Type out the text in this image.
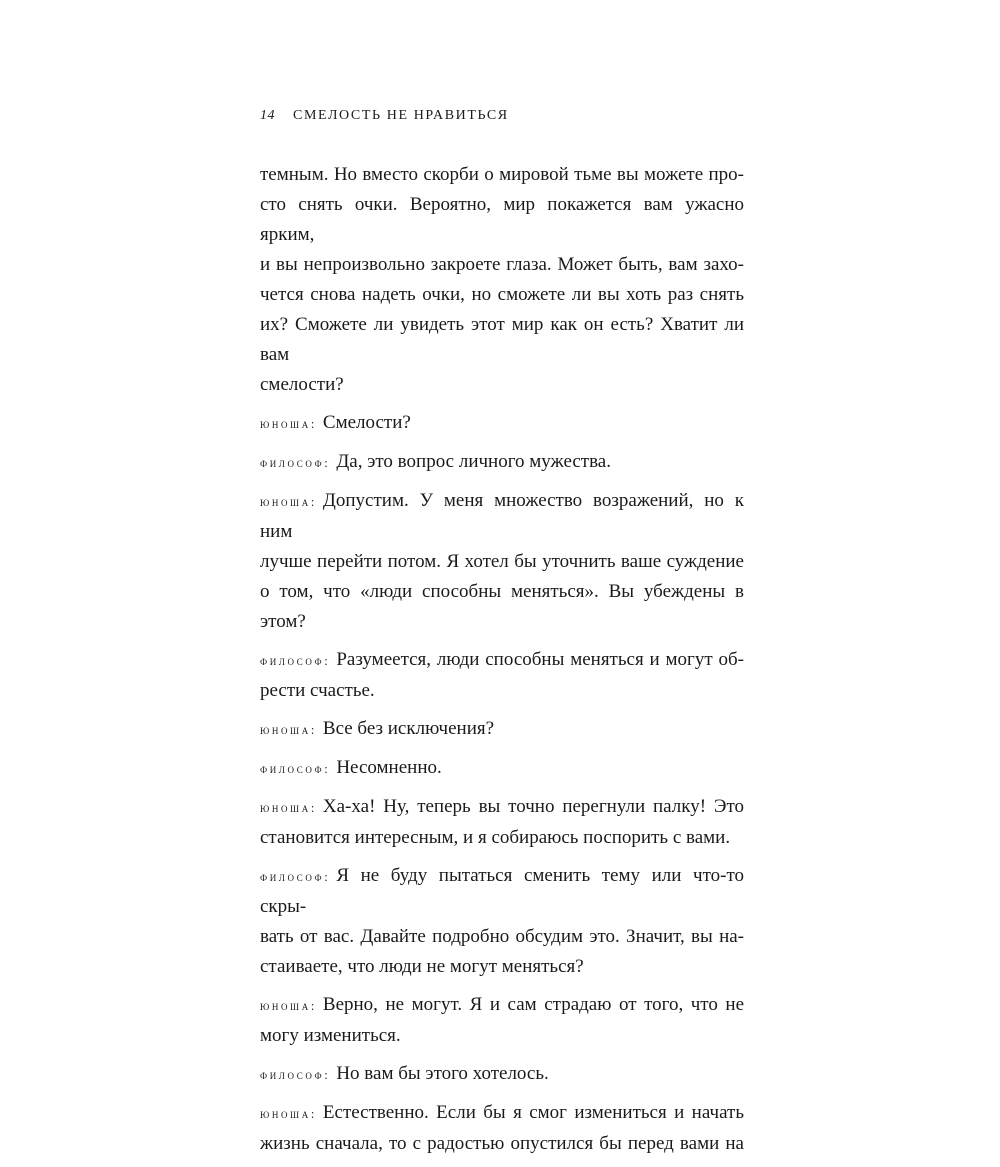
14 СМЕЛОСТЬ НЕ НРАВИТЬСЯ
темным. Но вместо скорби о мировой тьме вы можете про-
сто снять очки. Вероятно, мир покажется вам ужасно ярким,
и вы непроизвольно закроете глаза. Может быть, вам захо-
чется снова надеть очки, но сможете ли вы хоть раз снять
их? Сможете ли увидеть этот мир как он есть? Хватит ли вам
смелости?
юноша: Смелости?
философ: Да, это вопрос личного мужества.
юноша: Допустим. У меня множество возражений, но к ним
лучше перейти потом. Я хотел бы уточнить ваше суждение
о том, что «люди способны меняться». Вы убеждены в этом?
философ: Разумеется, люди способны меняться и могут об-
рести счастье.
юноша: Все без исключения?
философ: Несомненно.
юноша: Ха-ха! Ну, теперь вы точно перегнули палку! Это
становится интересным, и я собираюсь поспорить с вами.
философ: Я не буду пытаться сменить тему или что-то скры-
вать от вас. Давайте подробно обсудим это. Значит, вы на-
стаиваете, что люди не могут меняться?
юноша: Верно, не могут. Я и сам страдаю от того, что не
могу измениться.
философ: Но вам бы этого хотелось.
юноша: Естественно. Если бы я смог измениться и начать
жизнь сначала, то с радостью опустился бы перед вами на
